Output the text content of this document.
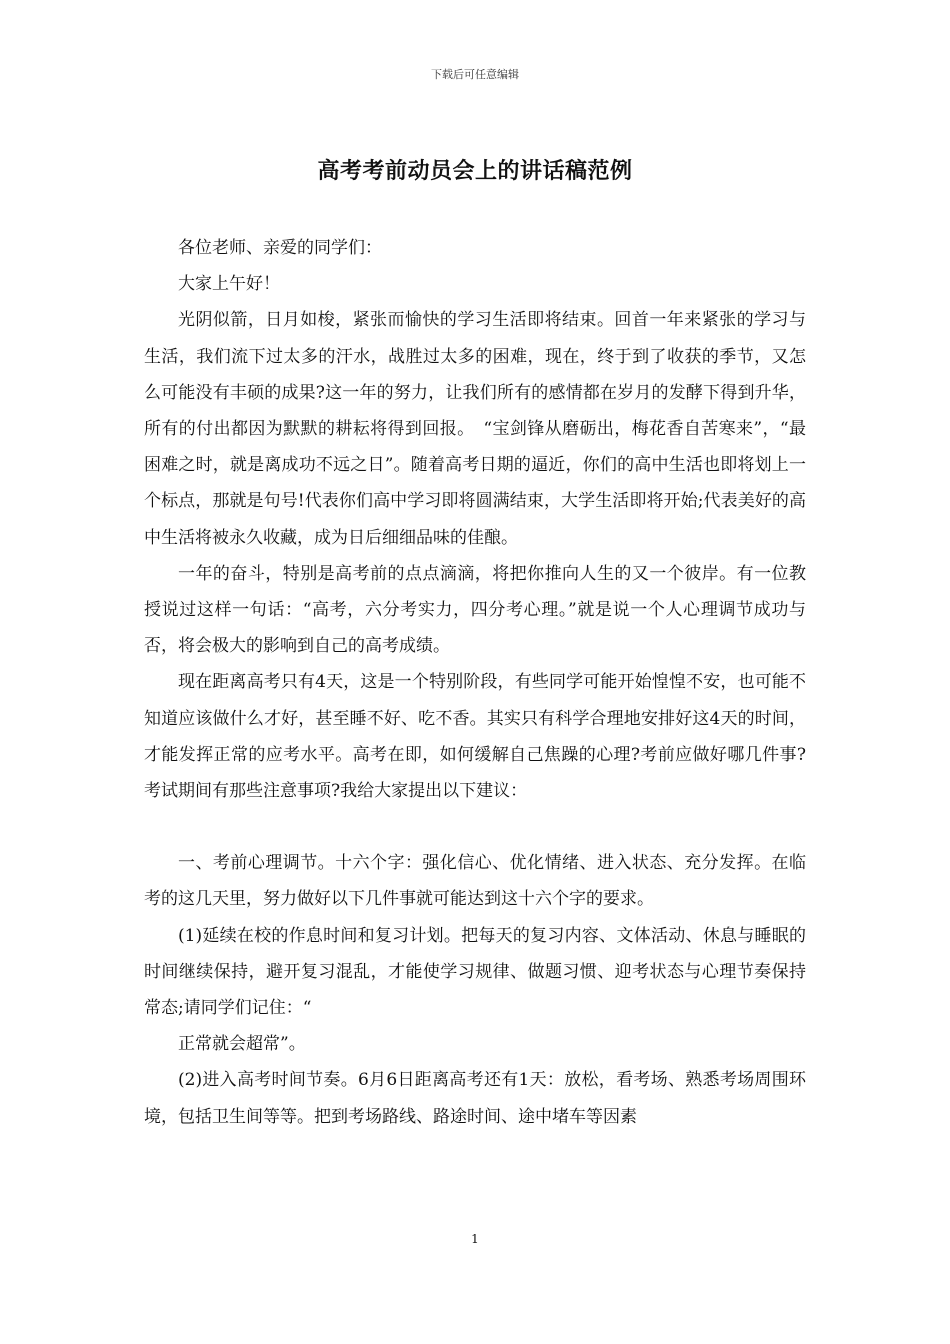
下载后可任意编辑
高考考前动员会上的讲话稿范例

各位老师、亲爱的同学们：

大家上午好！

光阴似箭，日月如梭，紧张而愉快的学习生活即将结束。回首一年来紧张的学习与生活，我们流下过太多的汗水，战胜过太多的困难，现在，终于到了收获的季节，又怎么可能没有丰硕的成果?这一年的努力，让我们所有的感情都在岁月的发酵下得到升华，所有的付出都因为默默的耕耘将得到回报。　“宝剑锋从磨砺出，梅花香自苦寒来”，“最困难之时，就是离成功不远之日”。随着高考日期的逼近，你们的高中生活也即将划上一个标点，那就是句号!代表你们高中学习即将圆满结束，大学生活即将开始;代表美好的高中生活将被永久收藏，成为日后细细品味的佳酿。

一年的奋斗，特别是高考前的点点滴滴，将把你推向人生的又一个彼岸。有一位教授说过这样一句话：“高考，六分考实力，四分考心理。”就是说一个人心理调节成功与否，将会极大的影响到自己的高考成绩。

现在距离高考只有4天，这是一个特别阶段，有些同学可能开始惶惶不安，也可能不知道应该做什么才好，甚至睡不好、吃不香。其实只有科学合理地安排好这4天的时间，才能发挥正常的应考水平。高考在即，如何缓解自己焦躁的心理?考前应做好哪几件事?考试期间有那些注意事项?我给大家提出以下建议：

一、考前心理调节。十六个字：强化信心、优化情绪、进入状态、充分发挥。在临考的这几天里，努力做好以下几件事就可能达到这十六个字的要求。

(1)延续在校的作息时间和复习计划。把每天的复习内容、文体活动、休息与睡眠的时间继续保持，避开复习混乱，才能使学习规律、做题习惯、迎考状态与心理节奏保持常态;请同学们记住：“

正常就会超常”。

(2)进入高考时间节奏。6月6日距离高考还有1天：放松，看考场、熟悉考场周围环境，包括卫生间等等。把到考场路线、路途时间、途中堵车等因素

1
